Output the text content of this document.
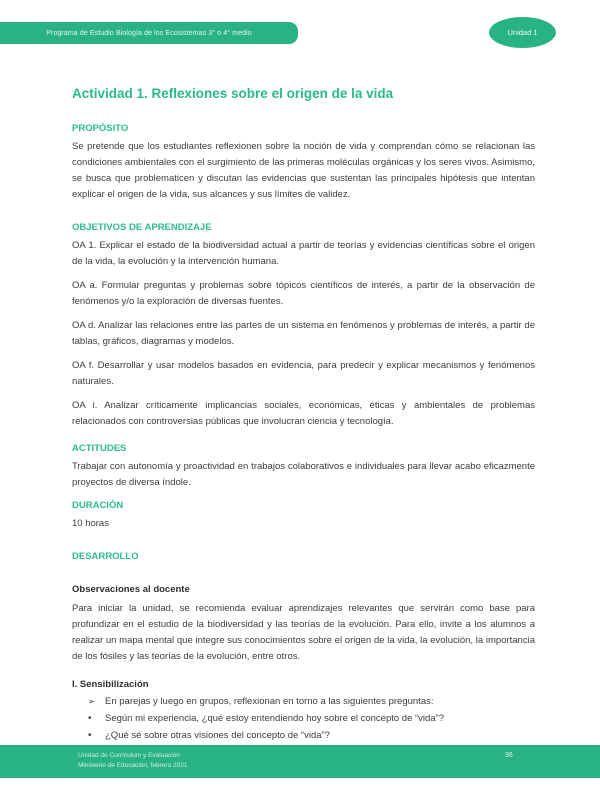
Programa de Estudio Biología de los Ecosistemas 3° o 4° medio	Unidad 1
Actividad 1. Reflexiones sobre el origen de la vida
PROPÓSITO

Se pretende que los estudiantes reflexionen sobre la noción de vida y comprendan cómo se relacionan las condiciones ambientales con el surgimiento de las primeras moléculas orgánicas y los seres vivos. Asimismo, se busca que problematicen y discutan las evidencias que sustentan las principales hipótesis que intentan explicar el origen de la vida, sus alcances y sus límites de validez.

OBJETIVOS DE APRENDIZAJE

OA 1. Explicar el estado de la biodiversidad actual a partir de teorías y evidencias científicas sobre el origen de la vida, la evolución y la intervención humana.

OA a. Formular preguntas y problemas sobre tópicos científicos de interés, a partir de la observación de fenómenos y/o la exploración de diversas fuentes.

OA d. Analizar las relaciones entre las partes de un sistema en fenómenos y problemas de interés, a partir de tablas, gráficos, diagramas y modelos.

OA f. Desarrollar y usar modelos basados en evidencia, para predecir y explicar mecanismos y fenómenos naturales.

OA i. Analizar críticamente implicancias sociales, económicas, éticas y ambientales de problemas relacionados con controversias públicas que involucran ciencia y tecnología.

ACTITUDES

Trabajar con autonomía y proactividad en trabajos colaborativos e individuales para llevar acabo eficazmente proyectos de diversa índole.

DURACIÓN

10 horas

DESARROLLO
Observaciones al docente

Para iniciar la unidad, se recomienda evaluar aprendizajes relevantes que servirán como base para profundizar en el estudio de la biodiversidad y las teorías de la evolución. Para ello, invite a los alumnos a realizar un mapa mental que integre sus conocimientos sobre el origen de la vida, la evolución, la importancia de los fósiles y las teorías de la evolución, entre otros.

I. Sensibilización
➢	En parejas y luego en grupos, reflexionan en torno a las siguientes preguntas:
•	Según mi experiencia, ¿qué estoy entendiendo hoy sobre el concepto de “vida”?
•	¿Qué sé sobre otras visiones del concepto de “vida”?
Unidad de Currículum y Evaluación
Ministerio de Educación, febrero 2021
36
